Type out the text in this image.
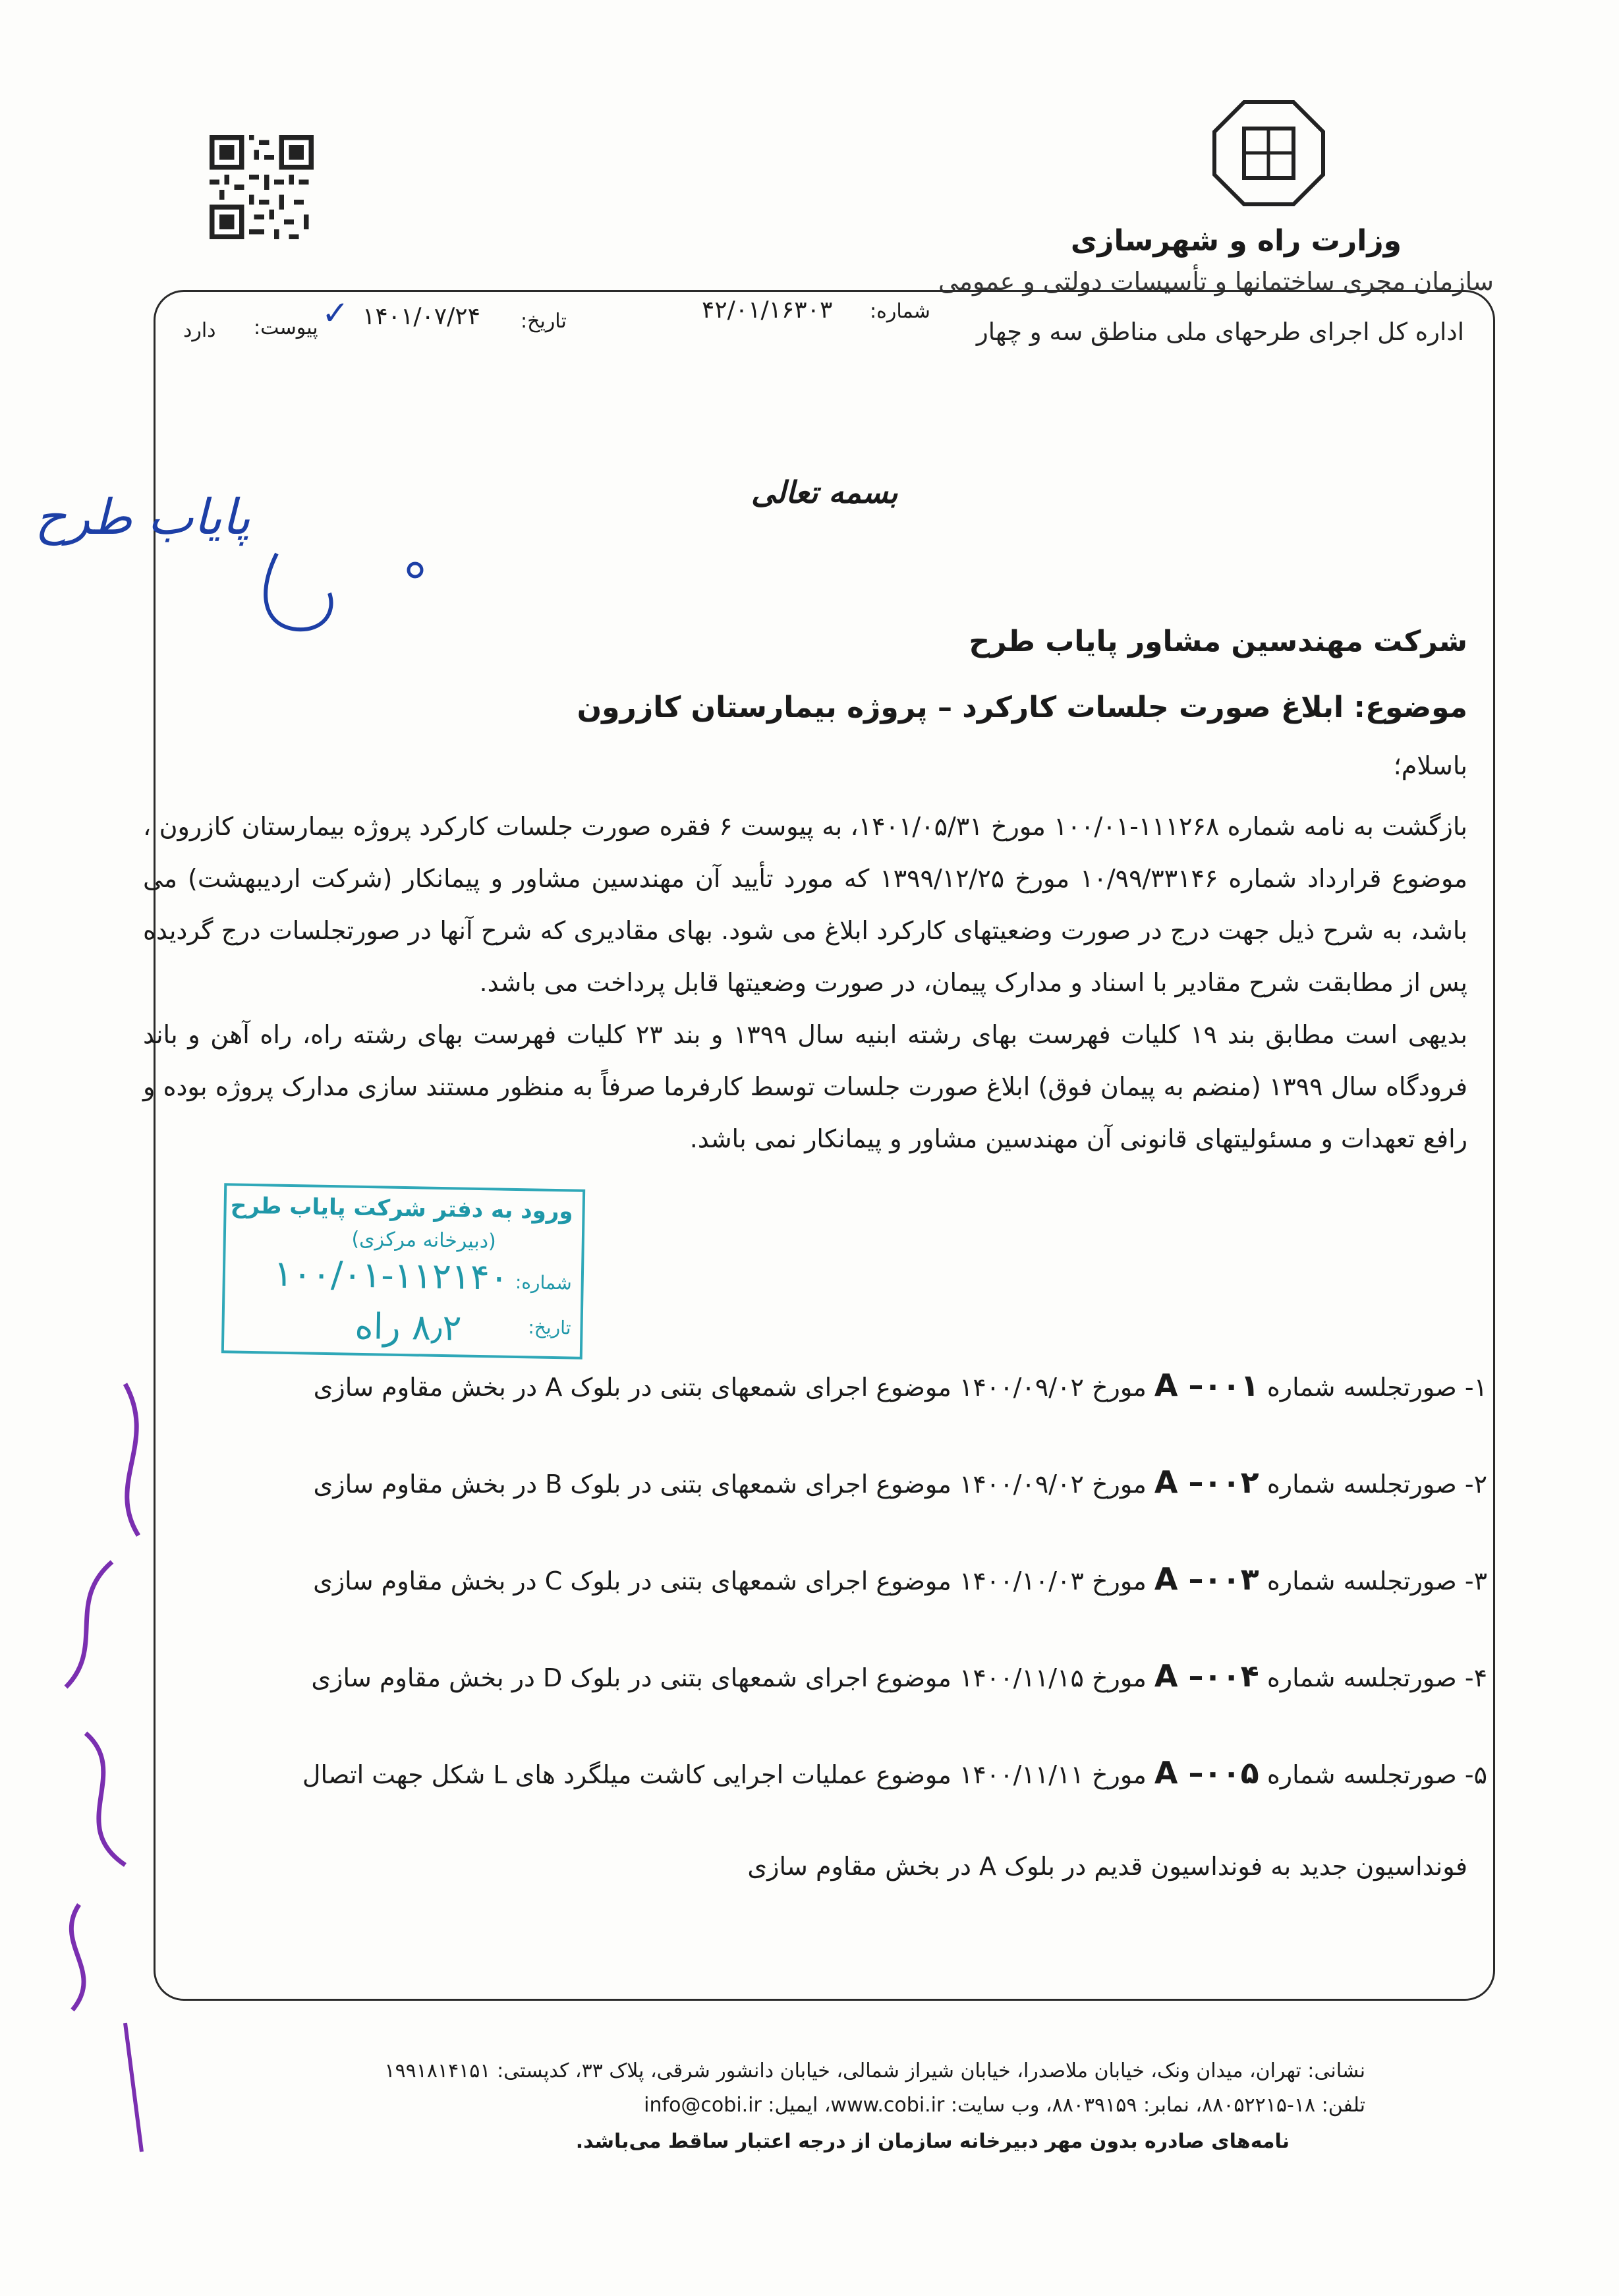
وزارت راه و شهرسازی
سازمان مجری ساختمانها و تأسیسات دولتی و عمومی
اداره کل اجرای طرحهای ملی مناطق سه و چهار
شماره:
۴۲/۰۱/۱۶۳۰۳
تاریخ:
۱۴۰۱/۰۷/۲۴
پیوست: ✓
دارد
بسمه تعالی
پایاب طرح
شرکت مهندسین مشاور پایاب طرح
موضوع: ابلاغ صورت جلسات کارکرد – پروژه بیمارستان کازرون
باسلام؛

بازگشت به نامه شماره ۱۱۱۲۶۸-۱۰۰/۰۱ مورخ ۱۴۰۱/۰۵/۳۱، به پیوست ۶ فقره صورت جلسات کارکرد پروژه بیمارستان کازرون ، موضوع قرارداد شماره ۱۰/۹۹/۳۳۱۴۶ مورخ ۱۳۹۹/۱۲/۲۵ که مورد تأیید آن مهندسین مشاور و پیمانکار (شرکت اردیبهشت) می باشد، به شرح ذیل جهت درج در صورت وضعیتهای کارکرد ابلاغ می شود. بهای مقادیری که شرح آنها در صورتجلسات درج گردیده پس از مطابقت شرح مقادیر با اسناد و مدارک پیمان، در صورت وضعیتها قابل پرداخت می باشد.

بدیهی است مطابق بند ۱۹ کلیات فهرست بهای رشته ابنیه سال ۱۳۹۹ و بند ۲۳ کلیات فهرست بهای رشته راه، راه آهن و باند فرودگاه سال ۱۳۹۹ (منضم به پیمان فوق) ابلاغ صورت جلسات توسط کارفرما صرفاً به منظور مستند سازی مدارک پروژه بوده و رافع تعهدات و مسئولیتهای قانونی آن مهندسین مشاور و پیمانکار نمی باشد.

ورود به دفتر شرکت پایاب طرح
(دبیرخانه مرکزی)
شماره:
۱۰۰/۰۱-۱۱۲۱۴۰
تاریخ:
۸٫۲ راه
۱- صورتجلسه شماره A –۰۰۱ مورخ ۱۴۰۰/۰۹/۰۲ موضوع اجرای شمعهای بتنی در بلوک A در بخش مقاوم سازی
۲- صورتجلسه شماره A –۰۰۲ مورخ ۱۴۰۰/۰۹/۰۲ موضوع اجرای شمعهای بتنی در بلوک B در بخش مقاوم سازی
۳- صورتجلسه شماره A –۰۰۳ مورخ ۱۴۰۰/۱۰/۰۳ موضوع اجرای شمعهای بتنی در بلوک C در بخش مقاوم سازی
۴- صورتجلسه شماره A –۰۰۴ مورخ ۱۴۰۰/۱۱/۱۵ موضوع اجرای شمعهای بتنی در بلوک D در بخش مقاوم سازی
۵- صورتجلسه شماره A –۰۰۵ مورخ ۱۴۰۰/۱۱/۱۱ موضوع عملیات اجرایی کاشت میلگرد های L شکل جهت اتصال
فونداسیون جدید به فونداسیون قدیم در بلوک A در بخش مقاوم سازی
نشانی: تهران، میدان ونک، خیابان ملاصدرا، خیابان شیراز شمالی، خیابان دانشور شرقی، پلاک ۳۳، کدپستی: ۱۹۹۱۸۱۴۱۵۱
تلفن: ۱۸-۸۸۰۵۲۲۱۵، نمابر: ۸۸۰۳۹۱۵۹، وب سایت: www.cobi.ir، ایمیل: info@cobi.ir
نامه‌های صادره بدون مهر دبیرخانه سازمان از درجه اعتبار ساقط می‌باشد.
